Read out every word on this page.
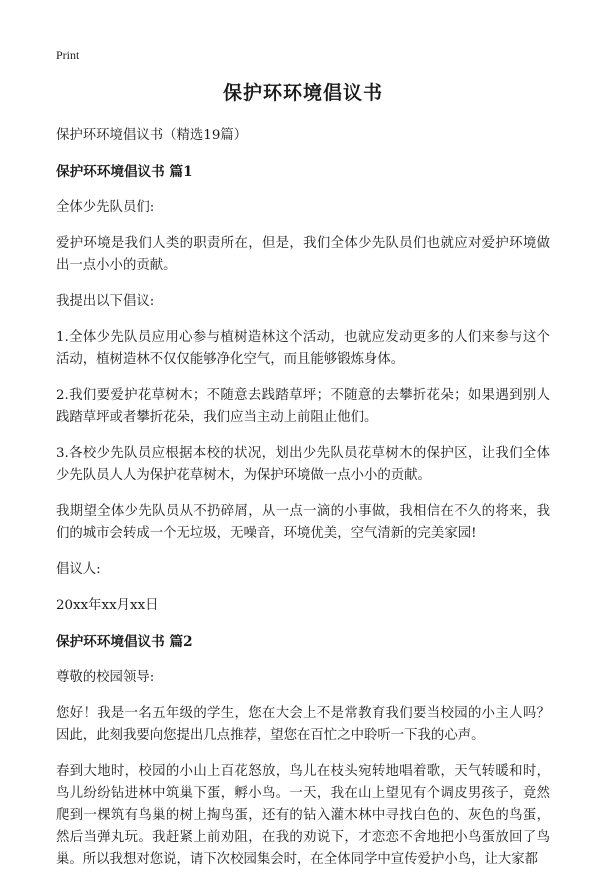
Print
保护环环境倡议书

保护环环境倡议书（精选19篇）

保护环环境倡议书 篇1

全体少先队员们:

爱护环境是我们人类的职责所在，但是，我们全体少先队员们也就应对爱护环境做出一点小小的贡献。

我提出以下倡议:

1.全体少先队员应用心参与植树造林这个活动，也就应发动更多的人们来参与这个活动，植树造林不仅仅能够净化空气，而且能够锻炼身体。

2.我们要爱护花草树木；不随意去践踏草坪；不随意的去攀折花朵；如果遇到别人践踏草坪或者攀折花朵，我们应当主动上前阻止他们。

3.各校少先队员应根据本校的状况，划出少先队员花草树木的保护区，让我们全体少先队员人人为保护花草树木，为保护环境做一点小小的贡献。

我期望全体少先队员从不扔碎屑，从一点一滴的小事做，我相信在不久的将来，我们的城市会转成一个无垃圾，无噪音，环境优美，空气清新的完美家园!

倡议人:

20xx年xx月xx日

保护环环境倡议书 篇2

尊敬的校园领导:

您好！我是一名五年级的学生，您在大会上不是常教育我们要当校园的小主人吗？因此，此刻我要向您提出几点推荐，望您在百忙之中聆听一下我的心声。

春到大地时，校园的小山上百花怒放，鸟儿在枝头宛转地唱着歌，天气转暖和时，鸟儿纷纷钻进林中筑巢下蛋，孵小鸟。一天，我在山上望见有个调皮男孩子，竟然爬到一棵筑有鸟巢的树上掏鸟蛋，还有的钻入灌木林中寻找白色的、灰色的鸟蛋，然后当弹丸玩。我赶紧上前劝阻，在我的劝说下，才恋恋不舍地把小鸟蛋放回了鸟巢。所以我想对您说，请下次校园集会时，在全体同学中宣传爱护小鸟，让大家都
